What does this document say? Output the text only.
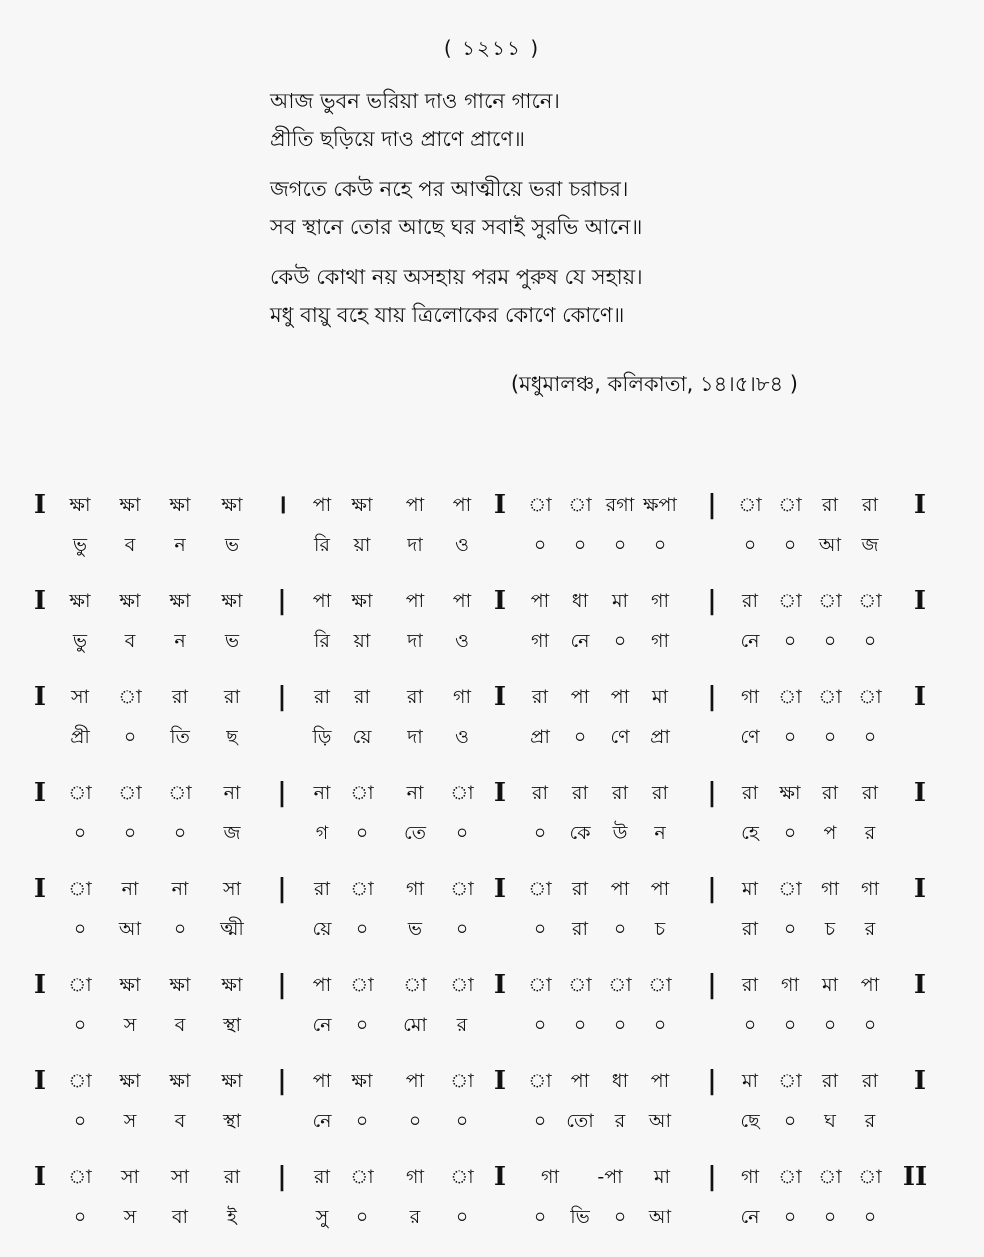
( ১২১১ )
আজ ভুবন ভরিয়া দাও গানে গানে।
প্রীতি ছড়িয়ে দাও প্রাণে প্রাণে॥
জগতে কেউ নহে পর আত্মীয়ে ভরা চরাচর।
সব স্থানে তোর আছে ঘর সবাই সুরভি আনে॥
কেউ কোথা নয় অসহায় পরম পুরুষ যে সহায়।
মধু বায়ু বহে যায় ত্রিলোকের কোণে কোণে॥
(মধুমালঞ্চ, কলিকাতা, ১৪।৫।৮৪ )
I ক্ষা ক্ষা ক্ষা ক্ষা । পা ক্ষা পা পা I া া রগা ক্ষপা | া া রা রা I
ভু ব ন ভ	রি য়া দা ও	০ ০ ০ ০	০ ০ আ জ
I ক্ষা ক্ষা ক্ষা ক্ষা | পা ক্ষা পা পা I পা ধা মা গা | রা া া া I
ভু ব ন ভ	রি য়া দা ও	গা নে ০ গা	নে ০ ০ ০
I সা া রা রা | রা রা রা গা I রা পা পা মা | গা া া া I
প্রী ০ তি ছ	ড়ি য়ে দা ও	প্রা ০ ণে প্রা	ণে ০ ০ ০
I া া া না | না া না া I রা রা রা রা | রা ক্ষা রা রা I
০ ০ ০ জ	গ ০ তে ০	০ কে উ ন	হে ০ প র
I া না না সা | রা া গা া I া রা পা পা | মা া গা গা I
০ আ ০ ত্মী	য়ে ০ ভ ০	০ রা ০ চ	রা ০ চ র
I া ক্ষা ক্ষা ক্ষা | পা া া া I া া া া | রা গা মা পা I
০ স ব স্থা	নে ০ মো র	০ ০ ০ ০	০ ০ ০ ০
I া ক্ষা ক্ষা ক্ষা | পা ক্ষা পা া I া পা ধা পা | মা া রা রা I
০ স ব স্থা	নে ০ ০ ০	০ তো র আ	ছে ০ ঘ র
I া সা সা রা | রা া গা া I গা -পা মা | গা া া া II
০ স বা ই	সু ০ র ০	০ ভি ০ আ	নে ০ ০ ০
